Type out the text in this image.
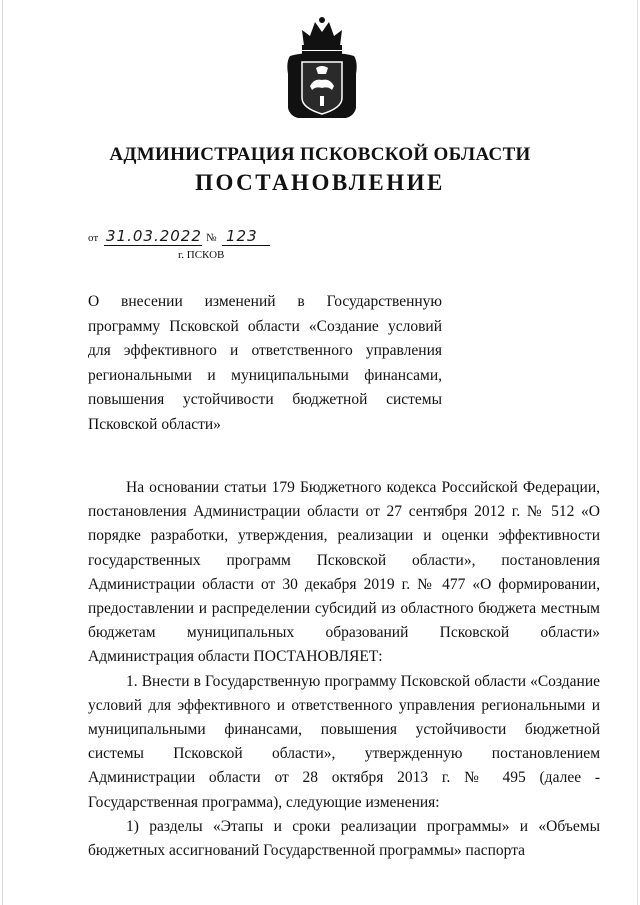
АДМИНИСТРАЦИЯ ПСКОВСКОЙ ОБЛАСТИ
ПОСТАНОВЛЕНИЕ
от 31.03.2022 № 123
г. ПСКОВ
О внесении изменений в Государственную программу Псковской области «Создание условий для эффективного и ответственного управления региональными и муниципальными финансами, повышения устойчивости бюджетной системы Псковской области»

На основании статьи 179 Бюджетного кодекса Российской Федерации, постановления Администрации области от 27 сентября 2012 г. № 512 «О порядке разработки, утверждения, реализации и оценки эффективности государственных программ Псковской области», постановления Администрации области от 30 декабря 2019 г. № 477 «О формировании, предоставлении и распределении субсидий из областного бюджета местным бюджетам муниципальных образований Псковской области» Администрация области ПОСТАНОВЛЯЕТ:

1. Внести в Государственную программу Псковской области «Создание условий для эффективного и ответственного управления региональными и муниципальными финансами, повышения устойчивости бюджетной системы Псковской области», утвержденную постановлением Администрации области от 28 октября 2013 г. № 495 (далее - Государственная программа), следующие изменения:

1) разделы «Этапы и сроки реализации программы» и «Объемы бюджетных ассигнований Государственной программы» паспорта
